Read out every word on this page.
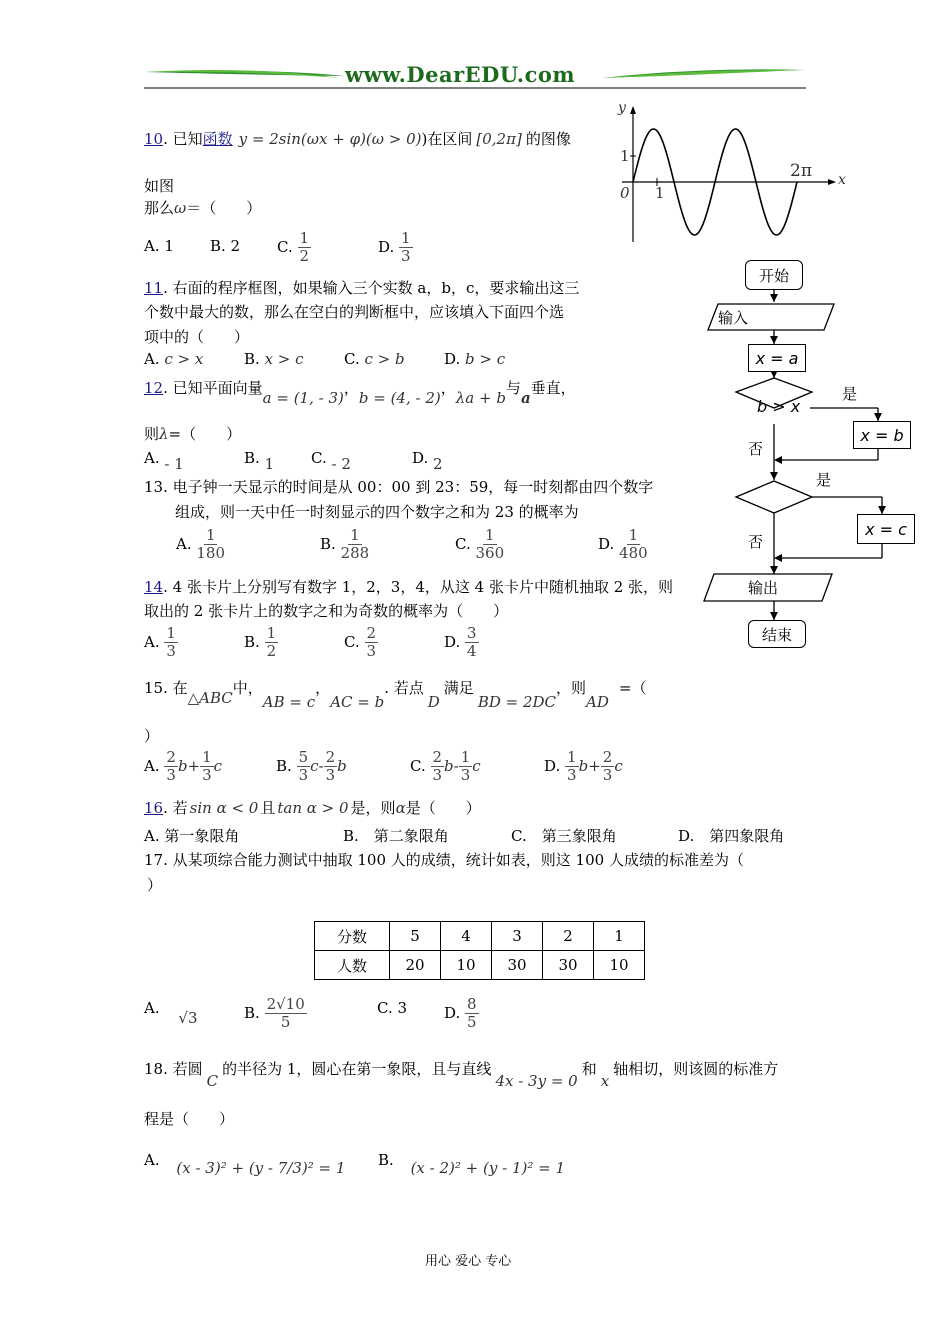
www.DearEDU.com
y
x
0 1
1
2π
开始
输入
x = a
b > x
x = b
x = c
输出
结束
是
否
是
否
10. 已知函数 y = 2sin(ωx + φ)(ω > 0))在区间 [0,2π] 的图像
如图
那么ω＝（　　）
A. 1 B. 2 C. $\frac{1}{2}$	D. $\frac{1}{3}$
11. 右面的程序框图，如果输入三个实数 a，b，c，要求输出这三
个数中最大的数，那么在空白的判断框中，应该填入下面四个选
项中的（　　）
A. c > x	B. x > c	C. c > b	D. b > c
12. 已知平面向量a = (1, - 3)，b = (4, - 2)，λa + b与a垂直，
则λ=（　　）
A. - 1	B. 1 C. - 2	D. 2
13. 电子钟一天显示的时间是从 00：00 到 23：59，每一时刻都由四个数字
组成，则一天中任一时刻显示的四个数字之和为 23 的概率为
A. $\frac{1}{180}$	B. $\frac{1}{288}$	C. $\frac{1}{360}$	D. $\frac{1}{480}$
14. 4 张卡片上分别写有数字 1，2，3，4，从这 4 张卡片中随机抽取 2 张，则
取出的 2 张卡片上的数字之和为奇数的概率为（　　）
A. $\frac{1}{3}$	B. $\frac{1}{2}$	C. $\frac{2}{3}$	D. $\frac{3}{4}$
15. 在△ABC中，AB = c，AC = b. 若点D满足BD = 2DC，则AD=（
）
A. $\frac{2}{3} b+ \frac{1}{3}$ c	B. $\frac{5}{3} c- \frac{2}{3}$ b	C. $\frac{2}{3} b- \frac{1}{3}$ c	D. $\frac{1}{3} b+ \frac{2}{3}$ c
16. 若 sin α < 0 且 tan α > 0 是，则α是（　　）
A. 第一象限角	B.　第二象限角	C.　第三象限角	D.　第四象限角
17. 从某项综合能力测试中抽取 100 人的成绩，统计如表，则这 100 人成绩的标准差为（
）
分数	5	4	3	2	1
人数	20	10	30	30	10
A. √3	B. $\frac{2√10}{5}$	C. 3 D. $\frac{8}{5}$
18. 若圆C的半径为 1，圆心在第一象限，且与直线4x - 3y = 0和x轴相切，则该圆的标准方
程是（　　）
A. (x - 3)² + (y - 7/3)² = 1 B. (x - 2)² + (y - 1)² = 1
用心 爱心 专心
